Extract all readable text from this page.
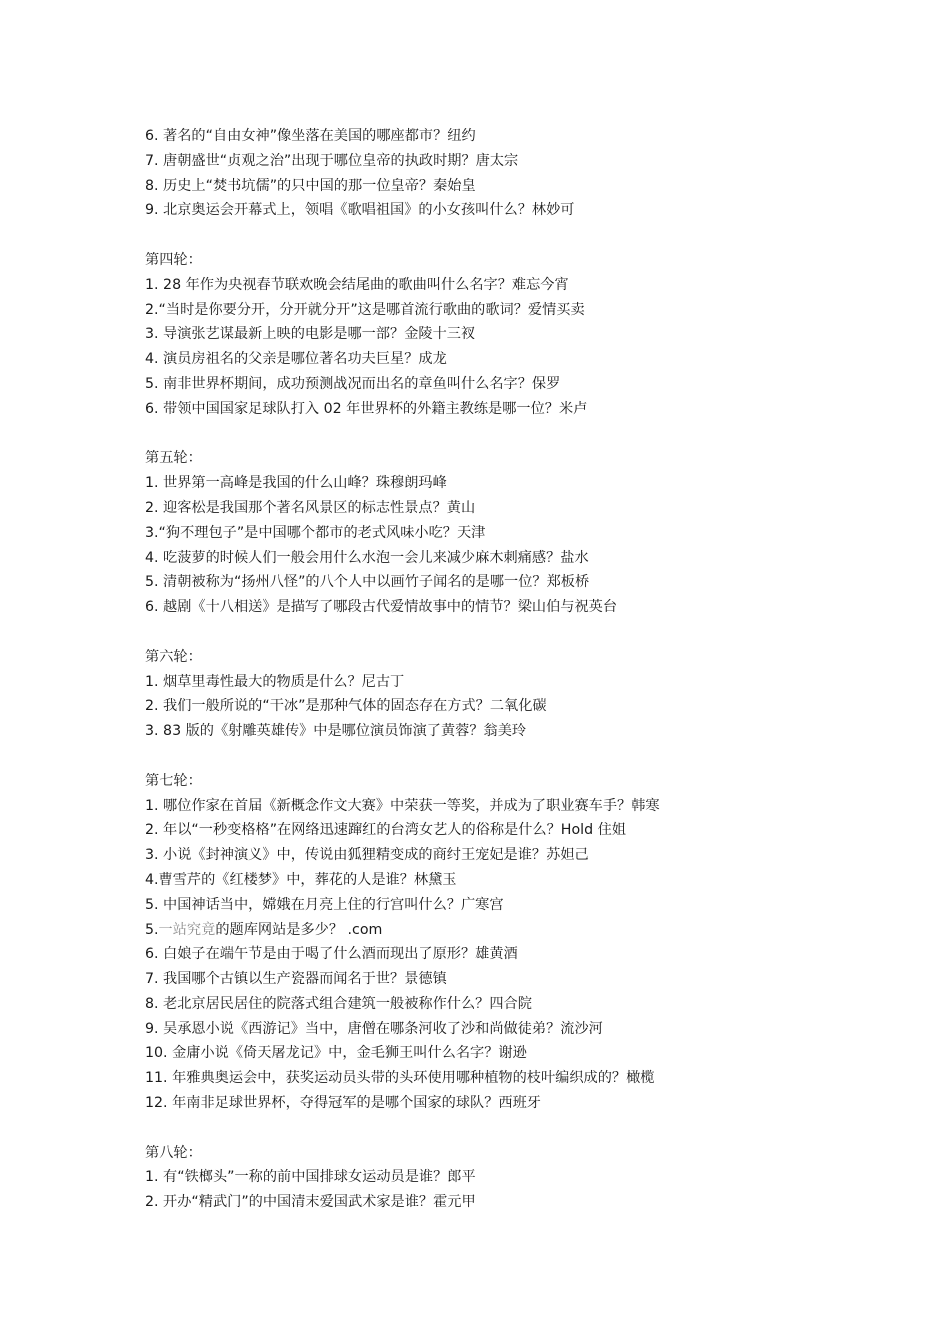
6. 著名的“自由女神”像坐落在美国的哪座都市？纽约
7. 唐朝盛世“贞观之治”出现于哪位皇帝的执政时期？唐太宗
8. 历史上“焚书坑儒”的只中国的那一位皇帝？秦始皇
9. 北京奥运会开幕式上，领唱《歌唱祖国》的小女孩叫什么？林妙可
第四轮：
1. 28 年作为央视春节联欢晚会结尾曲的歌曲叫什么名字？难忘今宵
2.“当时是你要分开，分开就分开”这是哪首流行歌曲的歌词？爱情买卖
3. 导演张艺谋最新上映的电影是哪一部？金陵十三衩
4. 演员房祖名的父亲是哪位著名功夫巨星？成龙
5. 南非世界杯期间，成功预测战况而出名的章鱼叫什么名字？保罗
6. 带领中国国家足球队打入 02 年世界杯的外籍主教练是哪一位？米卢
第五轮：
1. 世界第一高峰是我国的什么山峰？珠穆朗玛峰
2. 迎客松是我国那个著名风景区的标志性景点？黄山
3.“狗不理包子”是中国哪个都市的老式风味小吃？天津
4. 吃菠萝的时候人们一般会用什么水泡一会儿来减少麻木刺痛感？盐水
5. 清朝被称为“扬州八怪”的八个人中以画竹子闻名的是哪一位？郑板桥
6. 越剧《十八相送》是描写了哪段古代爱情故事中的情节？梁山伯与祝英台
第六轮：
1. 烟草里毒性最大的物质是什么？尼古丁
2. 我们一般所说的“干冰”是那种气体的固态存在方式？二氧化碳
3. 83 版的《射雕英雄传》中是哪位演员饰演了黄蓉？翁美玲
第七轮：
1. 哪位作家在首届《新概念作文大赛》中荣获一等奖，并成为了职业赛车手？韩寒
2. 年以“一秒变格格”在网络迅速蹿红的台湾女艺人的俗称是什么？Hold 住姐
3. 小说《封神演义》中，传说由狐狸精变成的商纣王宠妃是谁？苏妲己
4.曹雪芹的《红楼梦》中，葬花的人是谁？林黛玉
5. 中国神话当中，嫦娥在月亮上住的行宫叫什么？广寒宫
5.一站究竟的题库网站是多少？ .com
6. 白娘子在端午节是由于喝了什么酒而现出了原形？雄黄酒
7. 我国哪个古镇以生产瓷器而闻名于世？景德镇
8. 老北京居民居住的院落式组合建筑一般被称作什么？四合院
9. 吴承恩小说《西游记》当中，唐僧在哪条河收了沙和尚做徒弟？流沙河
10. 金庸小说《倚天屠龙记》中，金毛狮王叫什么名字？谢逊
11. 年雅典奥运会中，获奖运动员头带的头环使用哪种植物的枝叶编织成的？橄榄
12. 年南非足球世界杯，夺得冠军的是哪个国家的球队？西班牙
第八轮：
1. 有“铁榔头”一称的前中国排球女运动员是谁？郎平
2. 开办“精武门”的中国清末爱国武术家是谁？霍元甲
